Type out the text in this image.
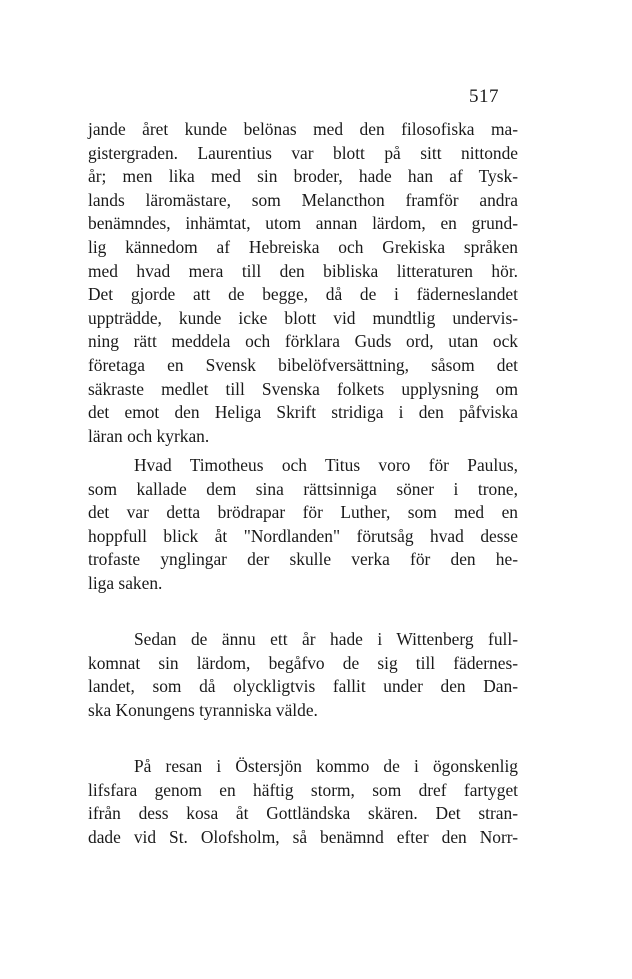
517
jande året kunde belönas med den filosofiska ma-
gistergraden. Laurentius var blott på sitt nittonde
år; men lika med sin broder, hade han af Tysk-
lands läromästare, som Melancthon framför andra
benämndes, inhämtat, utom annan lärdom, en grund-
lig kännedom af Hebreiska och Grekiska språken
med hvad mera till den bibliska litteraturen hör.
Det gjorde att de begge, då de i fäderneslandet
uppträdde, kunde icke blott vid mundtlig undervis-
ning rätt meddela och förklara Guds ord, utan ock
företaga en Svensk bibelöfversättning, såsom det
säkraste medlet till Svenska folkets upplysning om
det emot den Heliga Skrift stridiga i den påfviska
läran och kyrkan.
Hvad Timotheus och Titus voro för Paulus,
som kallade dem sina rättsinniga söner i trone,
det var detta brödrapar för Luther, som med en
hoppfull blick åt "Nordlanden" förutsåg hvad desse
trofaste ynglingar der skulle verka för den he-
liga saken.
Sedan de ännu ett år hade i Wittenberg full-
komnat sin lärdom, begåfvo de sig till fädernes-
landet, som då olyckligtvis fallit under den Dan-
ska Konungens tyranniska välde.
På resan i Östersjön kommo de i ögonskenlig
lifsfara genom en häftig storm, som dref fartyget
ifrån dess kosa åt Gottländska skären. Det stran-
dade vid St. Olofsholm, så benämnd efter den Norr-
